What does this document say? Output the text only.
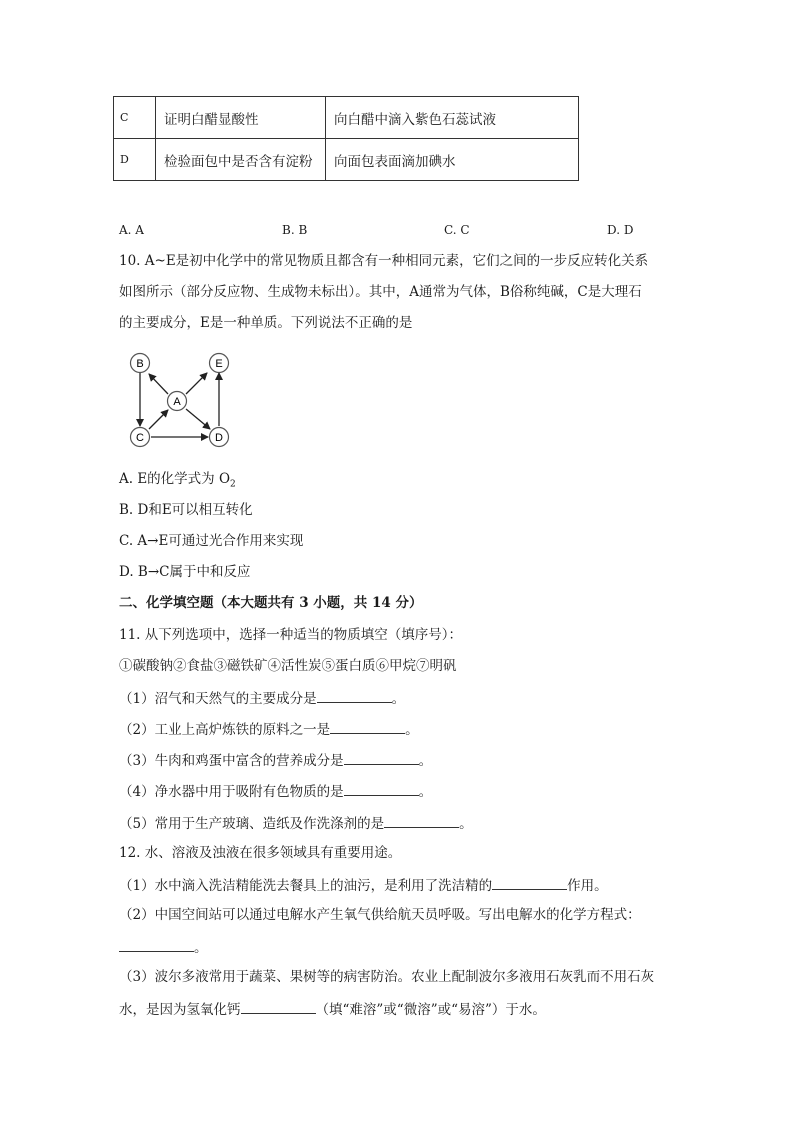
C	证明白醋显酸性	向白醋中滴入紫色石蕊试液
D	检验面包中是否含有淀粉	向面包表面滴加碘水
A. A	B. B	C. C	D. D
10. A~E是初中化学中的常见物质且都含有一种相同元素，它们之间的一步反应转化关系
如图所示（部分反应物、生成物未标出）。其中，A通常为气体，B俗称纯碱，C是大理石
的主要成分，E是一种单质。下列说法不正确的是
B	E
A
C	D
A. E的化学式为 $O_2$
B. D和E可以相互转化
C. A→E可通过光合作用来实现
D. B→C属于中和反应
二、化学填空题（本大题共有 3 小题，共 14 分）
11. 从下列选项中，选择一种适当的物质填空（填序号）：
①碳酸钠②食盐③磁铁矿④活性炭⑤蛋白质⑥甲烷⑦明矾
（1）沼气和天然气的主要成分是	。
（2）工业上高炉炼铁的原料之一是	。
（3）牛肉和鸡蛋中富含的营养成分是	。
（4）净水器中用于吸附有色物质的是	。
（5）常用于生产玻璃、造纸及作洗涤剂的是	。
12. 水、溶液及浊液在很多领域具有重要用途。
（1）水中滴入洗洁精能洗去餐具上的油污，是利用了洗洁精的	作用。
（2）中国空间站可以通过电解水产生氧气供给航天员呼吸。写出电解水的化学方程式：
。
（3）波尔多液常用于蔬菜、果树等的病害防治。农业上配制波尔多液用石灰乳而不用石灰
水，是因为氢氧化钙	（填“难溶”或“微溶”或“易溶”）于水。
